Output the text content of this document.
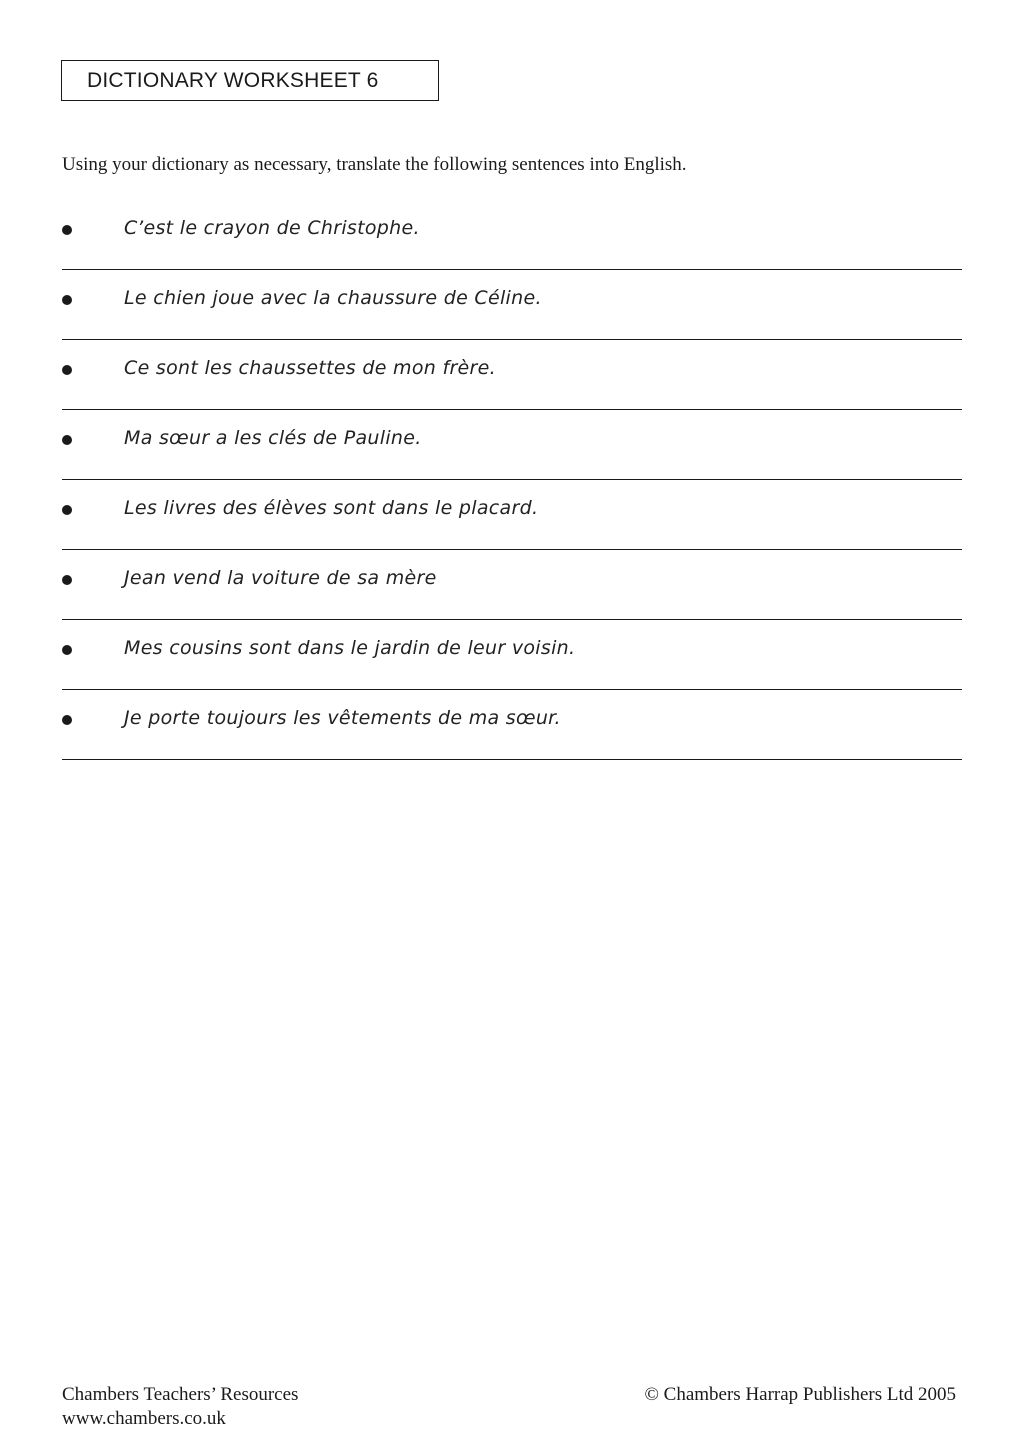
DICTIONARY WORKSHEET 6
Using your dictionary as necessary, translate the following sentences into English.
C’est le crayon de Christophe.
Le chien joue avec la chaussure de Céline.
Ce sont les chaussettes de mon frère.
Ma sœur a les clés de Pauline.
Les livres des élèves sont dans le placard.
Jean vend la voiture de sa mère
Mes cousins sont dans le jardin de leur voisin.
Je porte toujours les vêtements de ma sœur.
Chambers Teachers’ Resources
www.chambers.co.uk
© Chambers Harrap Publishers Ltd 2005
